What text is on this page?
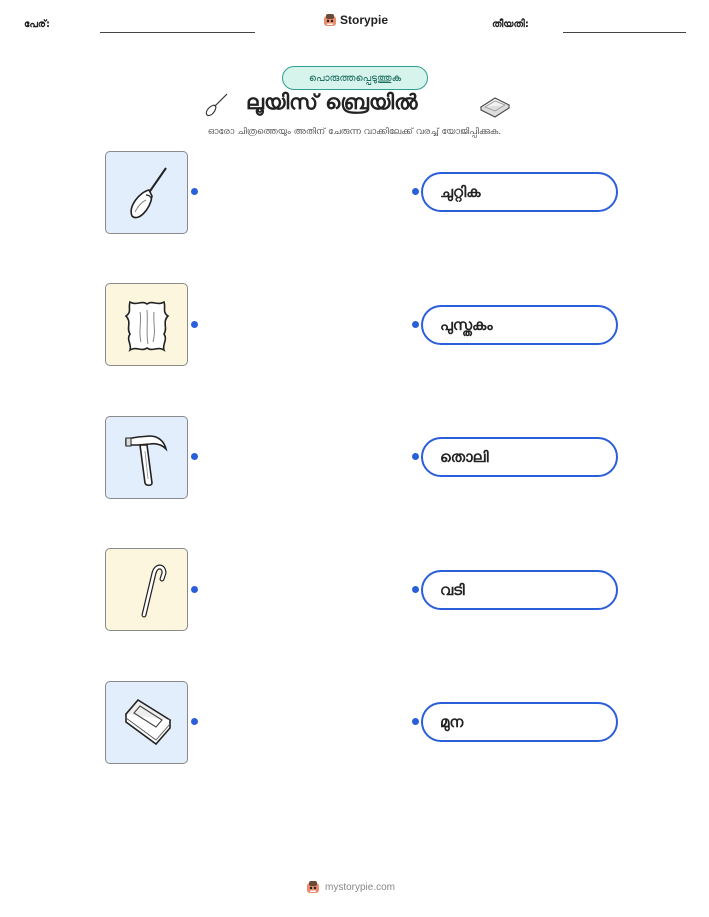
പേര്:	Storypie	തീയതി:
പൊരുത്തപ്പെടുത്തുക
ലൂയിസ് ബ്രെയിൽ
ഓരോ ചിത്രത്തെയും അതിന് ചേരുന്ന വാക്കിലേക്ക് വരച്ച് യോജിപ്പിക്കുക.
ചുറ്റിക
പുസ്തകം
തൊലി
വടി
മുന
mystorypie.com
